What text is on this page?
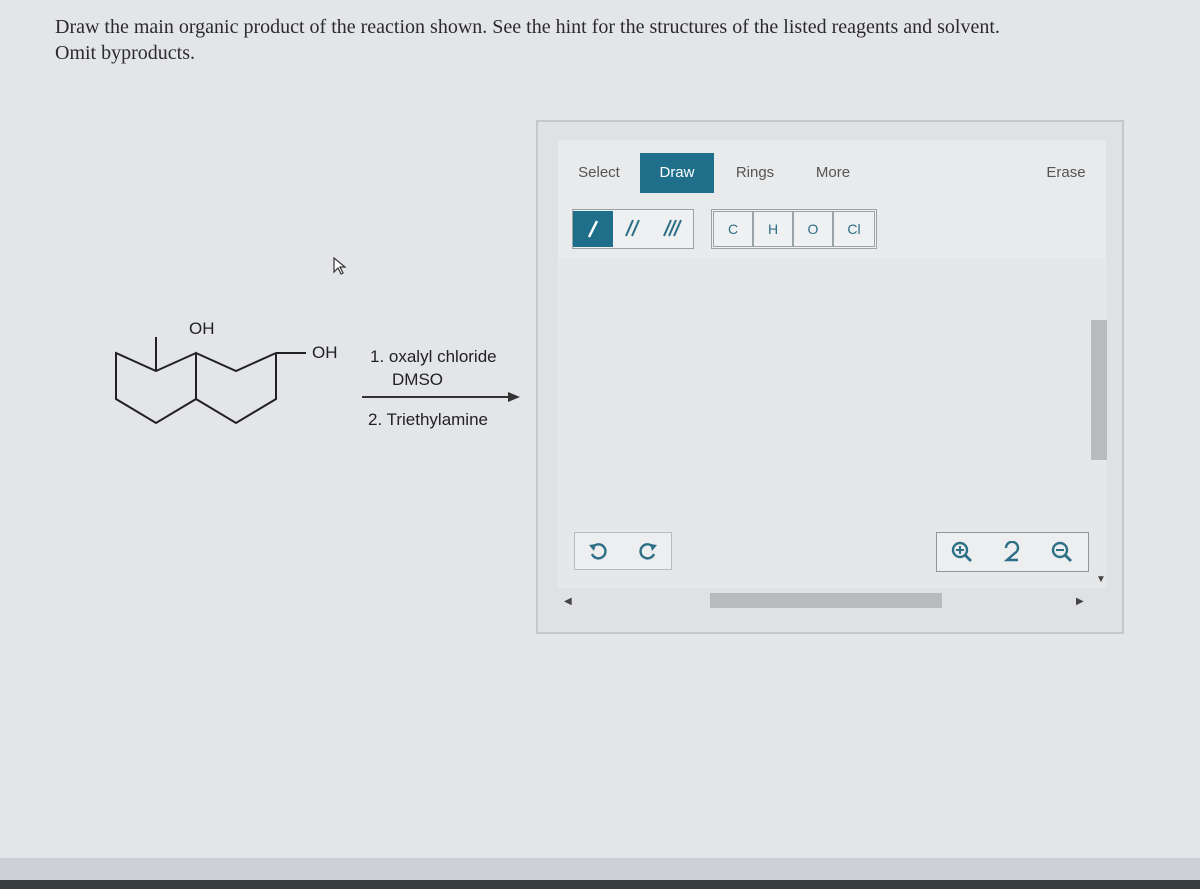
Draw the main organic product of the reaction shown. See the hint for the structures of the listed reagents and solvent.
Omit byproducts.
OH
OH 1. oxalyl chloride
DMSO
2. Triethylamine
Select	Draw	Rings	More	Erase
C	H	O	Cl
▼
◀	▶
